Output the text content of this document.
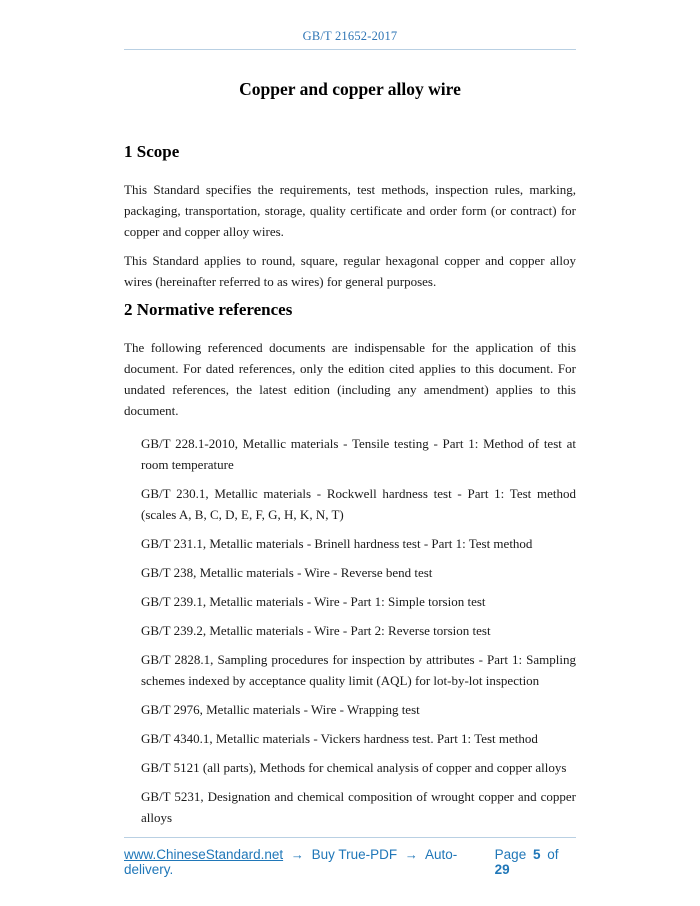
GB/T 21652-2017
Copper and copper alloy wire
1 Scope

This Standard specifies the requirements, test methods, inspection rules, marking, packaging, transportation, storage, quality certificate and order form (or contract) for copper and copper alloy wires.

This Standard applies to round, square, regular hexagonal copper and copper alloy wires (hereinafter referred to as wires) for general purposes.

2 Normative references

The following referenced documents are indispensable for the application of this document. For dated references, only the edition cited applies to this document. For undated references, the latest edition (including any amendment) applies to this document.

GB/T 228.1-2010, Metallic materials - Tensile testing - Part 1: Method of test at room temperature

GB/T 230.1, Metallic materials - Rockwell hardness test - Part 1: Test method (scales A, B, C, D, E, F, G, H, K, N, T)

GB/T 231.1, Metallic materials - Brinell hardness test - Part 1: Test method

GB/T 238, Metallic materials - Wire - Reverse bend test

GB/T 239.1, Metallic materials - Wire - Part 1: Simple torsion test

GB/T 239.2, Metallic materials - Wire - Part 2: Reverse torsion test

GB/T 2828.1, Sampling procedures for inspection by attributes - Part 1: Sampling schemes indexed by acceptance quality limit (AQL) for lot-by-lot inspection

GB/T 2976, Metallic materials - Wire - Wrapping test

GB/T 4340.1, Metallic materials - Vickers hardness test. Part 1: Test method

GB/T 5121 (all parts), Methods for chemical analysis of copper and copper alloys

GB/T 5231, Designation and chemical composition of wrought copper and copper alloys

www.ChineseStandard.net → Buy True-PDF → Auto-delivery.
Page 5 of 29
